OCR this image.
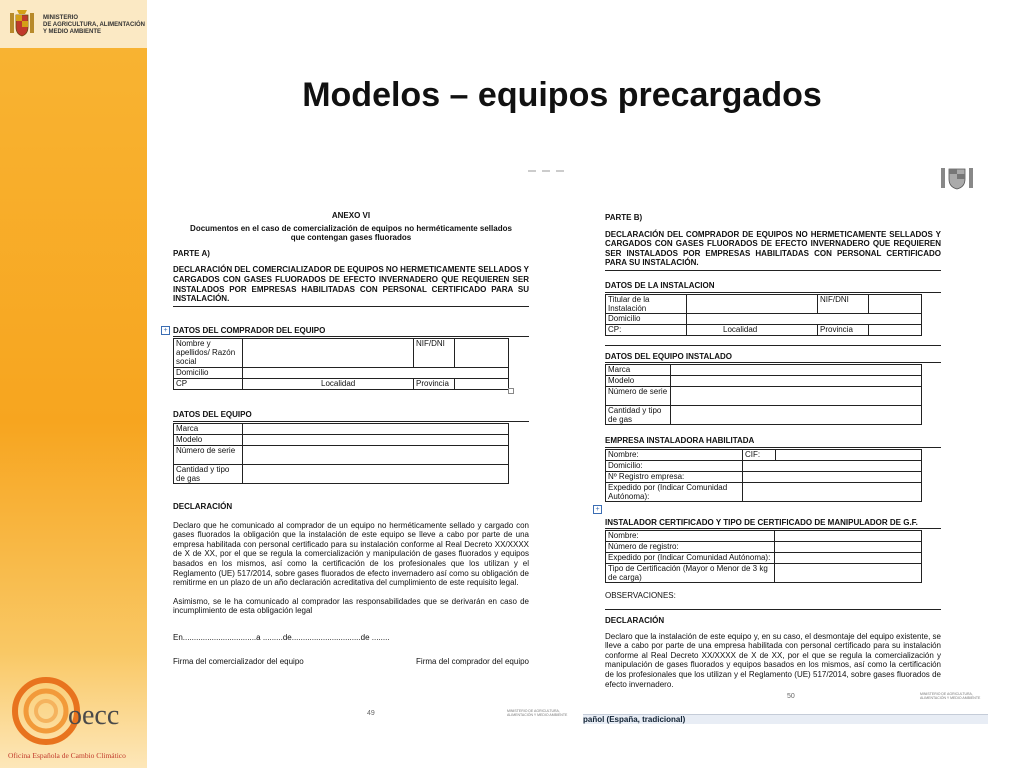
MINISTERIO
DE AGRICULTURA, ALIMENTACIÓN
Y MEDIO AMBIENTE
oecc
Oficina Española de Cambio Climático
Modelos – equipos precargados

ANEXO VI

Documentos en el caso de comercialización de equipos no herméticamente sellados que contengan gases fluorados

PARTE A)

DECLARACIÓN DEL COMERCIALIZADOR DE EQUIPOS NO HERMETICAMENTE SELLADOS Y CARGADOS CON GASES FLUORADOS DE EFECTO INVERNADERO QUE REQUIEREN SER INSTALADOS POR EMPRESAS HABILITADAS CON PERSONAL CERTIFICADO PARA SU INSTALACIÓN.

DATOS DEL COMPRADOR DEL EQUIPO

Nombre y apellidos/ Razón social		NIF/DNI	
Domicilio			
CP	Localidad	Provincia	

DATOS DEL EQUIPO

Marca	
Modelo	
Número de serie	
Cantidad y tipo de gas	

DECLARACIÓN

Declaro que he comunicado al comprador de un equipo no herméticamente sellado y cargado con gases fluorados la obligación que la instalación de este equipo se lleve a cabo por parte de una empresa habilitada con personal certificado para su instalación conforme al Real Decreto XX/XXXX de X de XX, por el que se regula la comercialización y manipulación de gases fluorados y equipos basados en los mismos, así como la certificación de los profesionales que los utilizan y el Reglamento (UE) 517/2014, sobre gases fluorados de efecto invernadero así como su obligación de remitirme en un plazo de un año declaración acreditativa del cumplimiento de este requisito legal.

Asimismo, se le ha comunicado al comprador las responsabilidades que se derivarán en caso de incumplimiento de esta obligación legal

En.................................a .........de...............................de ........

Firma del comercializador del equipo	Firma del comprador del equipo

+
49	MINISTERIO DE AGRICULTURA, ALIMENTACIÓN Y MEDIO AMBIENTE

PARTE B)

DECLARACIÓN DEL COMPRADOR DE EQUIPOS NO HERMETICAMENTE SELLADOS Y CARGADOS CON GASES FLUORADOS DE EFECTO INVERNADERO QUE REQUIEREN SER INSTALADOS POR EMPRESAS HABILITADAS CON PERSONAL CERTIFICADO PARA SU INSTALACIÓN.

DATOS DE LA INSTALACION

Titular de la Instalación		NIF/DNI	
Domicilio			
CP:	Localidad	Provincia	

DATOS DEL EQUIPO INSTALADO

Marca	
Modelo	
Número de serie	
Cantidad y tipo de gas	

EMPRESA INSTALADORA HABILITADA

Nombre:	CIF:	
Domicilio:		
Nº Registro empresa:		
Expedido por (Indicar Comunidad Autónoma):		

INSTALADOR CERTIFICADO Y TIPO DE CERTIFICADO DE MANIPULADOR DE G.F.

Nombre:	
Número de registro:	
Expedido por (Indicar Comunidad Autónoma):	
Tipo de Certificación (Mayor o Menor de 3 kg de carga)	

OBSERVACIONES:

DECLARACIÓN

Declaro que la instalación de este equipo y, en su caso, el desmontaje del equipo existente, se lleve a cabo por parte de una empresa habilitada con personal certificado para su instalación conforme al Real Decreto XX/XXXX de X de XX, por el que se regula la comercialización y manipulación de gases fluorados y equipos basados en los mismos, así como la certificación de los profesionales que los utilizan y el Reglamento (UE) 517/2014, sobre gases fluorados de efecto invernadero.

+
50	MINISTERIO DE AGRICULTURA, ALIMENTACIÓN Y MEDIO AMBIENTE
pañol (España, tradicional)
